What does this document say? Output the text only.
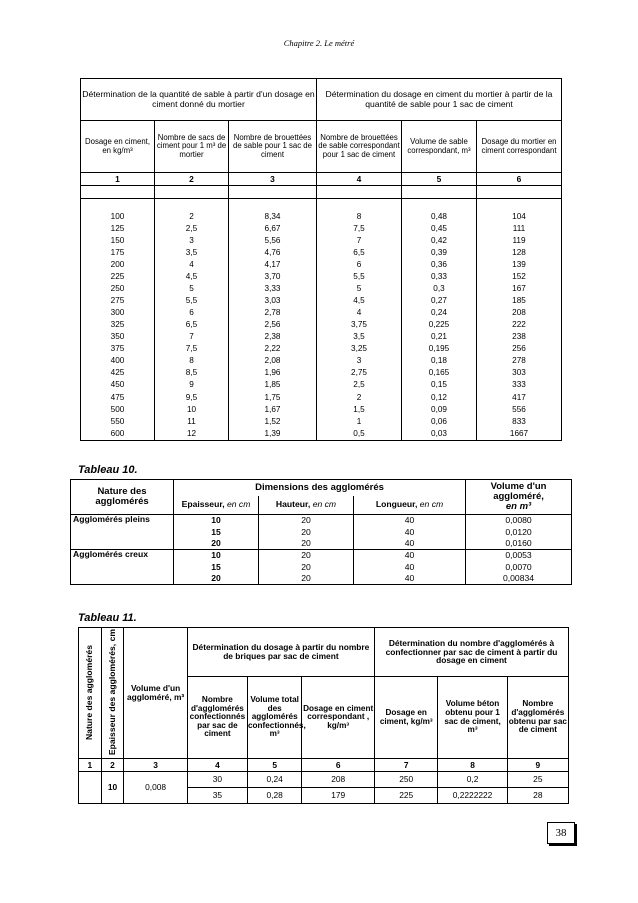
Chapitre 2. Le métré
Détermination de la quantité de sable à partir d'un dosage en ciment donné du mortier			Détermination du dosage en ciment du mortier à partir de la quantité de sable pour 1 sac de ciment		
Dosage en ciment, en kg/m³	Nombre de sacs de ciment pour 1 m³ de mortier	Nombre de brouettées de sable pour 1 sac de ciment	Nombre de brouettées de sable correspondant pour 1 sac de ciment	Volume de sable correspondant, m³	Dosage du mortier en ciment correspondant
1	2	3	4	5	6

100	2	8,34	8	0,48	104
125	2,5	6,67	7,5	0,45	111
150	3	5,56	7	0,42	119
175	3,5	4,76	6,5	0,39	128
200	4	4,17	6	0,36	139
225	4,5	3,70	5,5	0,33	152
250	5	3,33	5	0,3	167
275	5,5	3,03	4,5	0,27	185
300	6	2,78	4	0,24	208
325	6,5	2,56	3,75	0,225	222
350	7	2,38	3,5	0,21	238
375	7,5	2,22	3,25	0,195	256
400	8	2,08	3	0,18	278
425	8,5	1,96	2,75	0,165	303
450	9	1,85	2,5	0,15	333
475	9,5	1,75	2	0,12	417
500	10	1,67	1,5	0,09	556
550	11	1,52	1	0,06	833
600	12	1,39	0,5	0,03	1667
Tableau 10.
Nature des agglomérés	Dimensions des agglomérés			Volume d'un aggloméré,
en m³
	Epaisseur, en cm	Hauteur, en cm	Longueur, en cm	
Agglomérés pleins	10	20	40	0,0080
	15	20	40	0,0120
	20	20	40	0,0160
Agglomérés creux	10	20	40	0,0053
	15	20	40	0,0070
	20	20	40	0,00834
Tableau 11.
Nature des agglomérés	Epaisseur des agglomérés, cm	Volume d'un aggloméré, m³	Détermination du dosage à partir du nombre de briques par sac de ciment			Détermination du nombre d'agglomérés à confectionner par sac de ciment à partir du dosage en ciment		
			Nombre d'agglomérés confectionnés par sac de ciment	Volume total des agglomérés confectionnés, m³	Dosage en ciment correspondant , kg/m³	Dosage en ciment, kg/m³	Volume béton obtenu pour 1 sac de ciment, m³	Nombre d'agglomérés obtenu par sac de ciment
1	2	3	4	5	6	7	8	9
	10	0,008	30	0,24	208	250	0,2	25
			35	0,28	179	225	0,2222222	28
38
